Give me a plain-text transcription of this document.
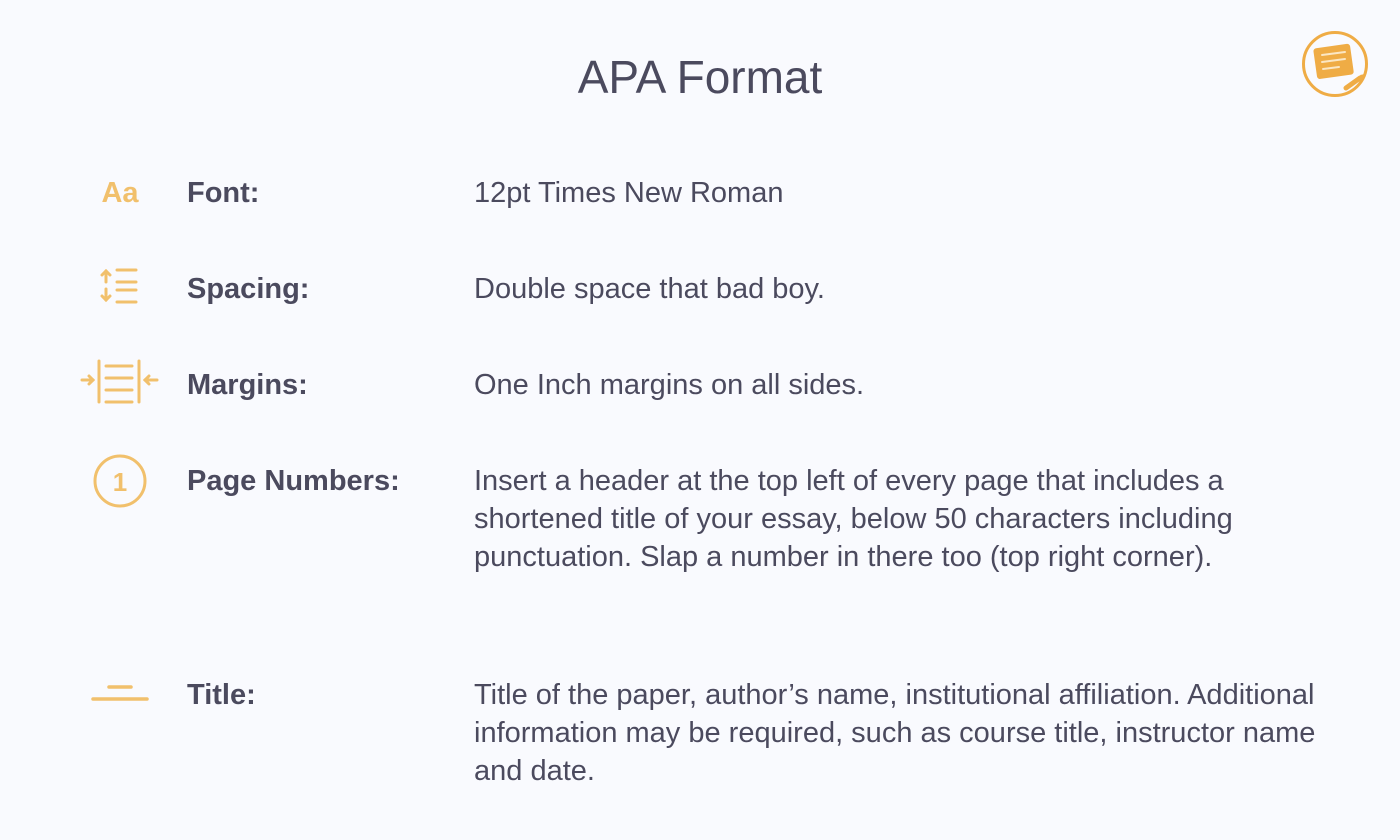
APA Format
Aa Font:	12pt Times New Roman
Spacing:	Double space that bad boy.
Margins:	One Inch margins on all sides.
1 Page Numbers:	Insert a header at the top left of every page that includes a shortened title of your essay, below 50 characters including punctuation. Slap a number in there too (top right corner).
Title:	Title of the paper, author’s name, institutional affiliation. Additional information may be required, such as course title, instructor name and date.
